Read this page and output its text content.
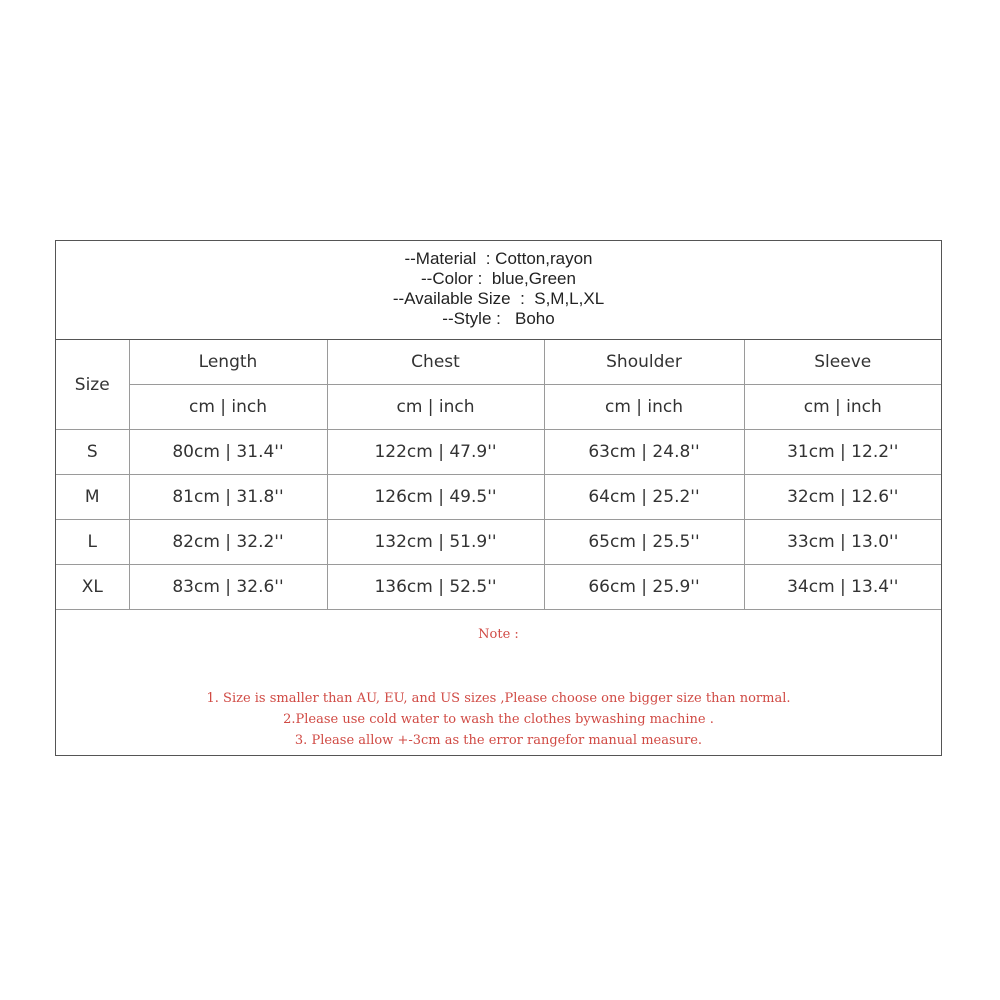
--Material  : Cotton,rayon
--Color :  blue,Green
--Available Size  :  S,M,L,XL
--Style :   Boho
Size	Length	Chest	Shoulder	Sleeve
	cm | inch	cm | inch	cm | inch	cm | inch
S	80cm | 31.4''	122cm | 47.9''	63cm | 24.8''	31cm | 12.2''
M	81cm | 31.8''	126cm | 49.5''	64cm | 25.2''	32cm | 12.6''
L	82cm | 32.2''	132cm | 51.9''	65cm | 25.5''	33cm | 13.0''
XL	83cm | 32.6''	136cm | 52.5''	66cm | 25.9''	34cm | 13.4''
Note :
1. Size is smaller than AU, EU, and US sizes ,Please choose one bigger size than normal.
2.Please use cold water to wash the clothes bywashing machine .
3. Please allow +-3cm as the error rangefor manual measure.
